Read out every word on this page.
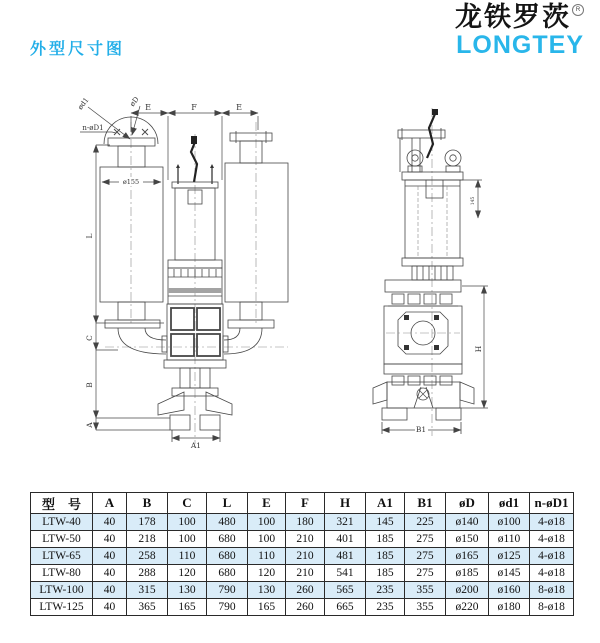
外型尺寸图
龙铁罗茨 R
LONGTEY
ø155
E	F	E
ød1	øD
n-øD1
L
C
B
A
A1
B1
H
145
型　号	A	B	C	L	E	F	H	A1	B1	øD	ød1	n-øD1
LTW-40	40	178	100	480	100	180	321	145	225	ø140	ø100	4-ø18
LTW-50	40	218	100	680	100	210	401	185	275	ø150	ø110	4-ø18
LTW-65	40	258	110	680	110	210	481	185	275	ø165	ø125	4-ø18
LTW-80	40	288	120	680	120	210	541	185	275	ø185	ø145	4-ø18
LTW-100	40	315	130	790	130	260	565	235	355	ø200	ø160	8-ø18
LTW-125	40	365	165	790	165	260	665	235	355	ø220	ø180	8-ø18
